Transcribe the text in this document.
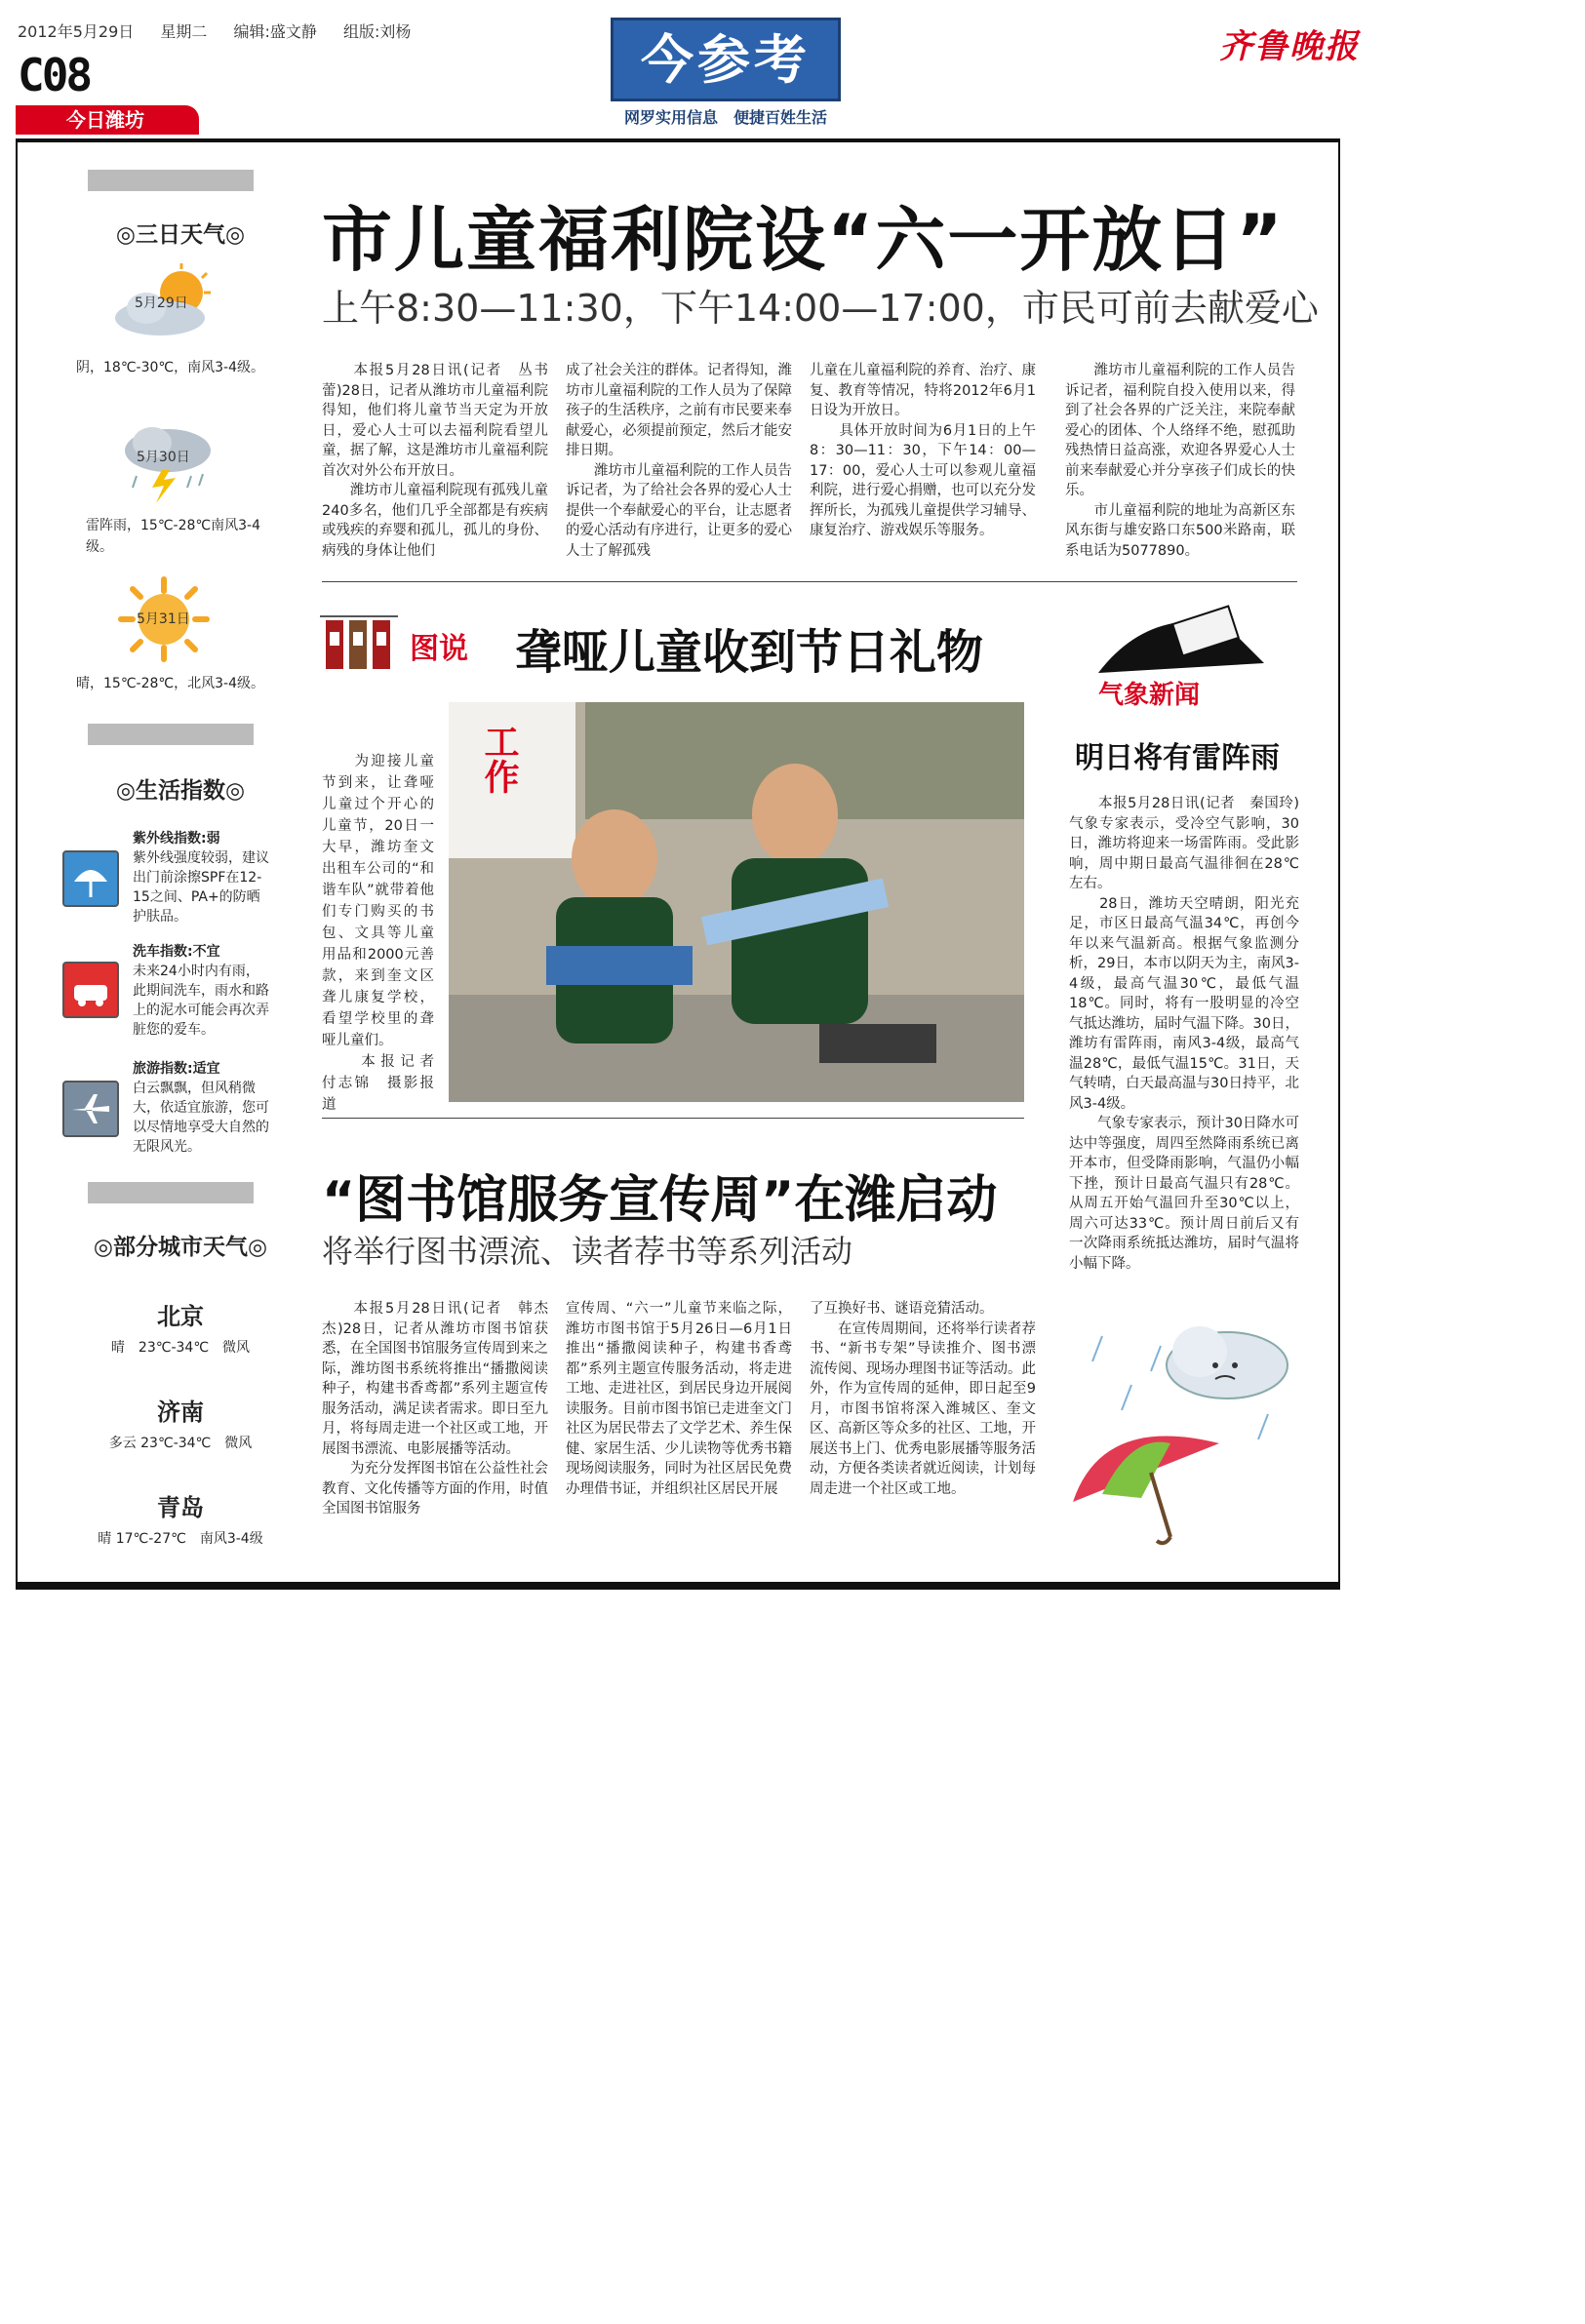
2012年5月29日 星期二 编辑:盛文静 组版:刘杨
C08
今日潍坊
今参考
网罗实用信息　便捷百姓生活
齐鲁晚报
◎三日天气◎
5月29日
阴，18℃-30℃，南风3-4级。
5月30日
雷阵雨，15℃-28℃南风3-4级。
5月31日
晴，15℃-28℃，北风3-4级。
◎生活指数◎
紫外线指数:弱
紫外线强度较弱，建议出门前涂擦SPF在12-15之间、PA+的防晒护肤品。
洗车指数:不宜
未来24小时内有雨，此期间洗车，雨水和路上的泥水可能会再次弄脏您的爱车。
旅游指数:适宜
白云飘飘，但风稍微大，依适宜旅游，您可以尽情地享受大自然的无限风光。
◎部分城市天气◎
北京
晴　23℃-34℃　微风
济南
多云 23℃-34℃　微风
青岛
晴 17℃-27℃　南风3-4级
市儿童福利院设“六一开放日”
上午8:30—11:30，下午14:00—17:00，市民可前去献爱心
　　本报5月28日讯(记者　丛书蕾)28日，记者从潍坊市儿童福利院得知，他们将儿童节当天定为开放日，爱心人士可以去福利院看望儿童，据了解，这是潍坊市儿童福利院首次对外公布开放日。
　　潍坊市儿童福利院现有孤残儿童240多名，他们几乎全部都是有疾病或残疾的弃婴和孤儿，孤儿的身份、病残的身体让他们
成了社会关注的群体。记者得知，潍坊市儿童福利院的工作人员为了保障孩子的生活秩序，之前有市民要来奉献爱心，必须提前预定，然后才能安排日期。
　　潍坊市儿童福利院的工作人员告诉记者，为了给社会各界的爱心人士提供一个奉献爱心的平台，让志愿者的爱心活动有序进行，让更多的爱心人士了解孤残
儿童在儿童福利院的养育、治疗、康复、教育等情况，特将2012年6月1日设为开放日。
　　具体开放时间为6月1日的上午8：30—11：30，下午14：00—17：00，爱心人士可以参观儿童福利院，进行爱心捐赠，也可以充分发挥所长，为孤残儿童提供学习辅导、康复治疗、游戏娱乐等服务。
　　潍坊市儿童福利院的工作人员告诉记者，福利院自投入使用以来，得到了社会各界的广泛关注，来院奉献爱心的团体、个人络绎不绝，慰孤助残热情日益高涨，欢迎各界爱心人士前来奉献爱心并分享孩子们成长的快乐。
　　市儿童福利院的地址为高新区东风东街与雄安路口东500米路南，联系电话为5077890。
图说 聋哑儿童收到节日礼物
工作
　　为迎接儿童节到来，让聋哑儿童过个开心的儿童节，20日一大早，潍坊奎文出租车公司的“和谐车队”就带着他们专门购买的书包、文具等儿童用品和2000元善款，来到奎文区聋儿康复学校，看望学校里的聋哑儿童们。
　　本报记者　付志锦　摄影报道
“图书馆服务宣传周”在潍启动
将举行图书漂流、读者荐书等系列活动
　　本报5月28日讯(记者　韩杰杰)28日，记者从潍坊市图书馆获悉，在全国图书馆服务宣传周到来之际，潍坊图书系统将推出“播撒阅读种子，构建书香鸢都”系列主题宣传服务活动，满足读者需求。即日至九月，将每周走进一个社区或工地，开展图书漂流、电影展播等活动。
　　为充分发挥图书馆在公益性社会教育、文化传播等方面的作用，时值全国图书馆服务
宣传周、“六一”儿童节来临之际，潍坊市图书馆于5月26日—6月1日推出“播撒阅读种子，构建书香鸢都”系列主题宣传服务活动，将走进工地、走进社区，到居民身边开展阅读服务。目前市图书馆已走进奎文门社区为居民带去了文学艺术、养生保健、家居生活、少儿读物等优秀书籍现场阅读服务，同时为社区居民免费办理借书证，并组织社区居民开展
了互换好书、谜语竞猜活动。
　　在宣传周期间，还将举行读者荐书、“新书专架”导读推介、图书漂流传阅、现场办理图书证等活动。此外，作为宣传周的延伸，即日起至9月，市图书馆将深入潍城区、奎文区、高新区等众多的社区、工地，开展送书上门、优秀电影展播等服务活动，方便各类读者就近阅读，计划每周走进一个社区或工地。
气象新闻
明日将有雷阵雨
　　本报5月28日讯(记者　秦国玲)气象专家表示，受冷空气影响，30日，潍坊将迎来一场雷阵雨。受此影响，周中期日最高气温徘徊在28℃左右。
　　28日，潍坊天空晴朗，阳光充足，市区日最高气温34℃，再创今年以来气温新高。根据气象监测分析，29日，本市以阴天为主，南风3-4级，最高气温30℃，最低气温18℃。同时，将有一股明显的冷空气抵达潍坊，届时气温下降。30日，潍坊有雷阵雨，南风3-4级，最高气温28℃，最低气温15℃。31日，天气转晴，白天最高温与30日持平，北风3-4级。
　　气象专家表示，预计30日降水可达中等强度，周四至然降雨系统已离开本市，但受降雨影响，气温仍小幅下挫，预计日最高气温只有28℃。从周五开始气温回升至30℃以上，周六可达33℃。预计周日前后又有一次降雨系统抵达潍坊，届时气温将小幅下降。
